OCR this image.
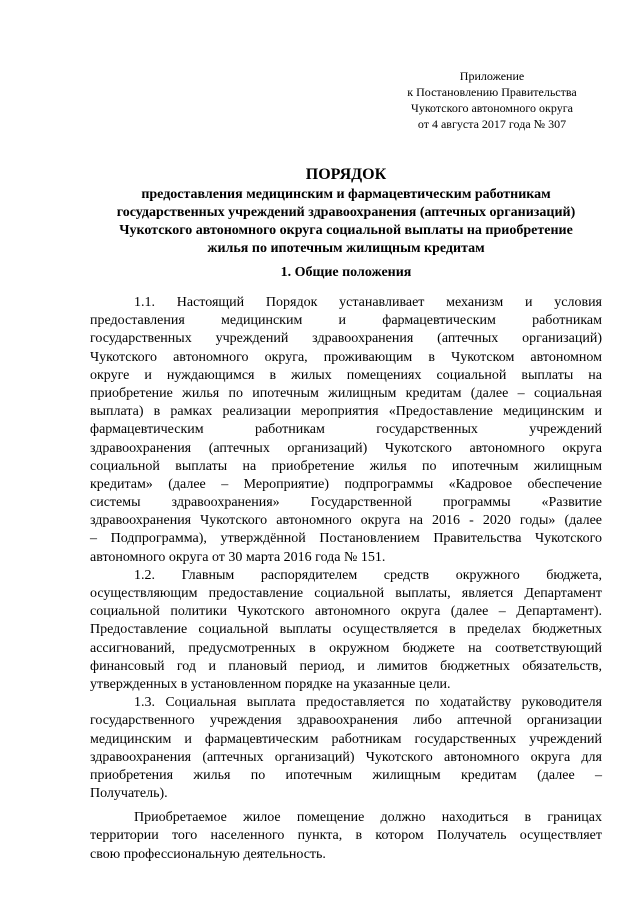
Приложение
к Постановлению Правительства
Чукотского автономного округа
от 4 августа 2017 года № 307
ПОРЯДОК
предоставления медицинским и фармацевтическим работникам
государственных учреждений здравоохранения (аптечных организаций)
Чукотского автономного округа социальной выплаты на приобретение
жилья по ипотечным жилищным кредитам
1. Общие положения
1.1. Настоящий Порядок устанавливает механизм и условия
предоставления медицинским и фармацевтическим работникам
государственных учреждений здравоохранения (аптечных организаций)
Чукотского автономного округа, проживающим в Чукотском автономном
округе и нуждающимся в жилых помещениях социальной выплаты на
приобретение жилья по ипотечным жилищным кредитам (далее – социальная
выплата) в рамках реализации мероприятия «Предоставление медицинским и
фармацевтическим работникам государственных учреждений
здравоохранения (аптечных организаций) Чукотского автономного округа
социальной выплаты на приобретение жилья по ипотечным жилищным
кредитам» (далее – Мероприятие) подпрограммы «Кадровое обеспечение
системы здравоохранения» Государственной программы «Развитие
здравоохранения Чукотского автономного округа на 2016 - 2020 годы» (далее
– Подпрограмма), утверждённой Постановлением Правительства Чукотского
автономного округа от 30 марта 2016 года № 151.
1.2. Главным распорядителем средств окружного бюджета,
осуществляющим предоставление социальной выплаты, является Департамент
социальной политики Чукотского автономного округа (далее – Департамент).
Предоставление социальной выплаты осуществляется в пределах бюджетных
ассигнований, предусмотренных в окружном бюджете на соответствующий
финансовый год и плановый период, и лимитов бюджетных обязательств,
утвержденных в установленном порядке на указанные цели.
1.3. Социальная выплата предоставляется по ходатайству руководителя
государственного учреждения здравоохранения либо аптечной организации
медицинским и фармацевтическим работникам государственных учреждений
здравоохранения (аптечных организаций) Чукотского автономного округа для
приобретения жилья по ипотечным жилищным кредитам (далее –
Получатель).
Приобретаемое жилое помещение должно находиться в границах
территории того населенного пункта, в котором Получатель осуществляет
свою профессиональную деятельность.
